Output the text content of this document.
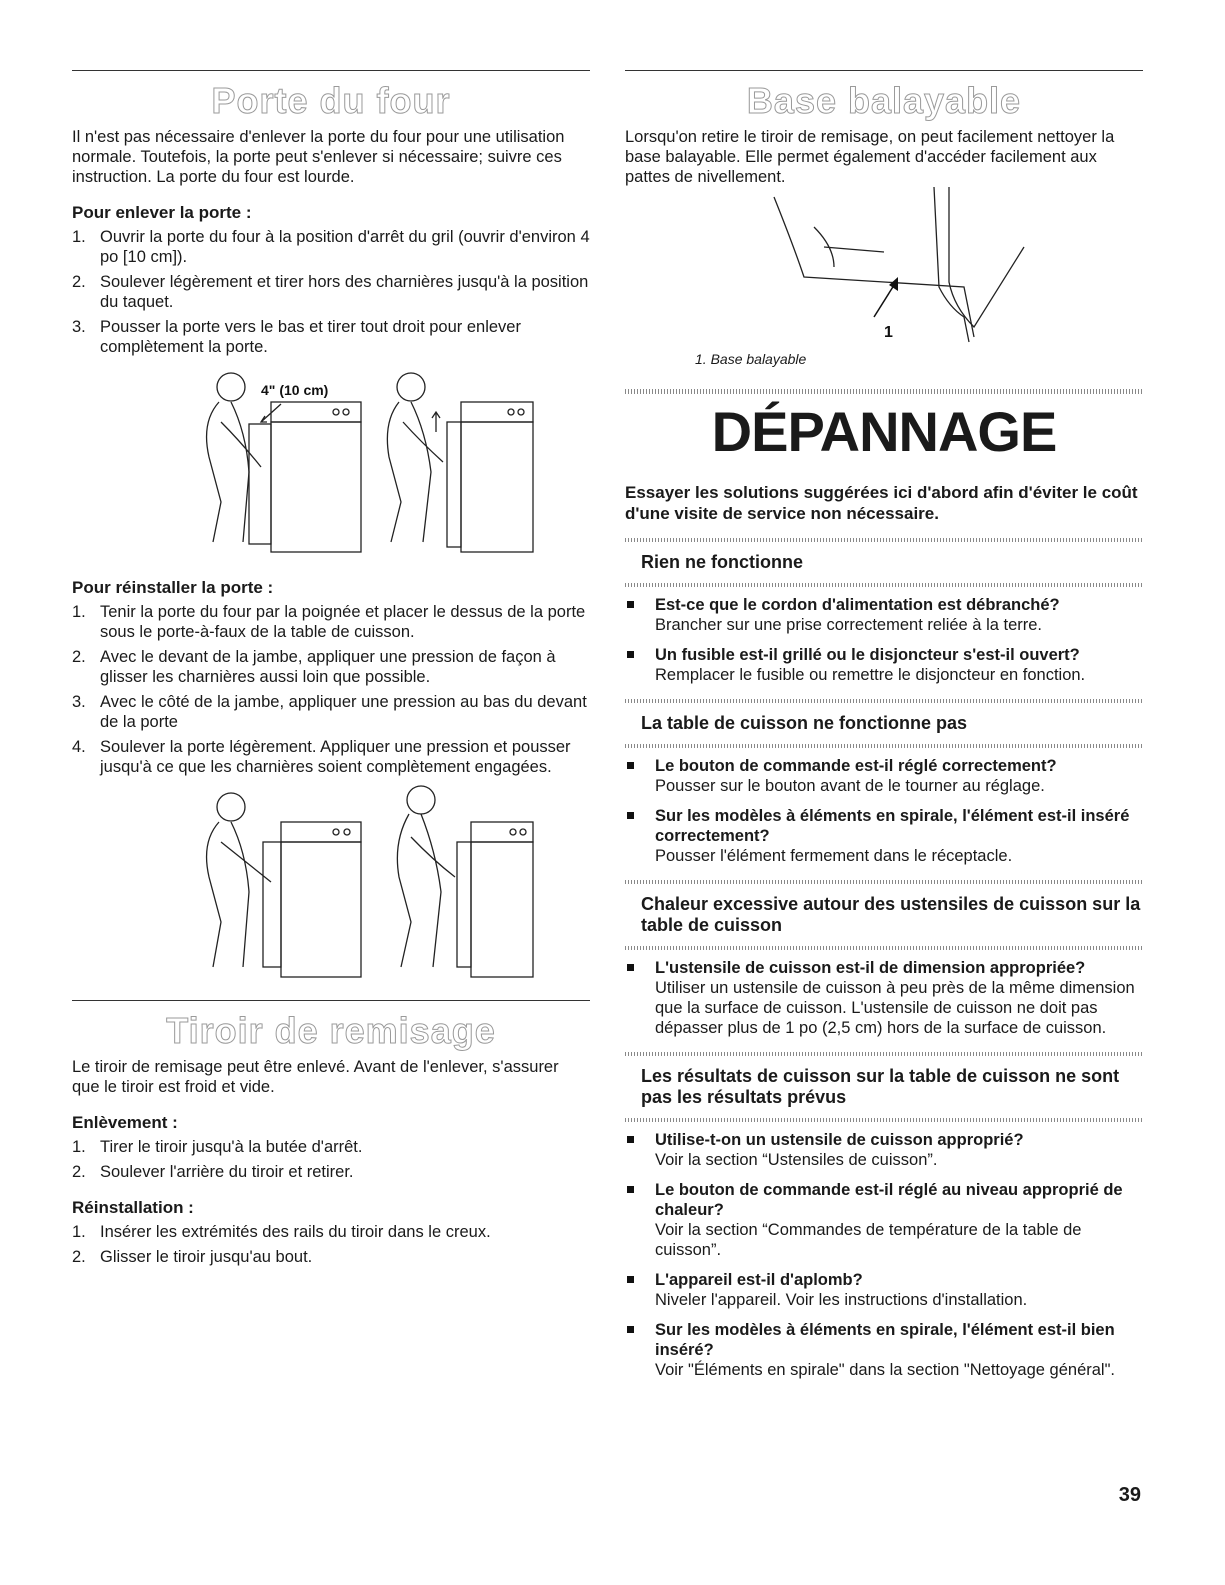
Porte du four

Il n'est pas nécessaire d'enlever la porte du four pour une utilisation normale. Toutefois, la porte peut s'enlever si nécessaire; suivre ces instruction. La porte du four est lourde.

Pour enlever la porte :
1. Ouvrir la porte du four à la position d'arrêt du gril (ouvrir d'environ 4 po [10 cm]).
2. Soulever légèrement et tirer hors des charnières jusqu'à la position du taquet.
3. Pousser la porte vers le bas et tirer tout droit pour enlever complètement la porte.
4" (10 cm)
Pour réinstaller la porte :
1. Tenir la porte du four par la poignée et placer le dessus de la porte sous le porte-à-faux de la table de cuisson.
2. Avec le devant de la jambe, appliquer une pression de façon à glisser les charnières aussi loin que possible.
3. Avec le côté de la jambe, appliquer une pression au bas du devant de la porte
4. Soulever la porte légèrement. Appliquer une pression et pousser jusqu'à ce que les charnières soient complètement engagées.
Tiroir de remisage

Le tiroir de remisage peut être enlevé. Avant de l'enlever, s'assurer que le tiroir est froid et vide.

Enlèvement :
1. Tirer le tiroir jusqu'à la butée d'arrêt.
2. Soulever l'arrière du tiroir et retirer.
Réinstallation :
1. Insérer les extrémités des rails du tiroir dans le creux.
2. Glisser le tiroir jusqu'au bout.
Base balayable

Lorsqu'on retire le tiroir de remisage, on peut facilement nettoyer la base balayable. Elle permet également d'accéder facilement aux pattes de nivellement.

1
1. Base balayable
DÉPANNAGE

Essayer les solutions suggérées ici d'abord afin d'éviter le coût d'une visite de service non nécessaire.

Rien ne fonctionne
Est-ce que le cordon d'alimentation est débranché?
Brancher sur une prise correctement reliée à la terre.
Un fusible est-il grillé ou le disjoncteur s'est-il ouvert?
Remplacer le fusible ou remettre le disjoncteur en fonction.
La table de cuisson ne fonctionne pas
Le bouton de commande est-il réglé correctement?
Pousser sur le bouton avant de le tourner au réglage.
Sur les modèles à éléments en spirale, l'élément est-il inséré correctement?
Pousser l'élément fermement dans le réceptacle.
Chaleur excessive autour des ustensiles de cuisson sur la table de cuisson
L'ustensile de cuisson est-il de dimension appropriée?
Utiliser un ustensile de cuisson à peu près de la même dimension que la surface de cuisson. L'ustensile de cuisson ne doit pas dépasser plus de 1 po (2,5 cm) hors de la surface de cuisson.
Les résultats de cuisson sur la table de cuisson ne sont pas les résultats prévus
Utilise-t-on un ustensile de cuisson approprié?
Voir la section “Ustensiles de cuisson”.
Le bouton de commande est-il réglé au niveau approprié de chaleur?
Voir la section “Commandes de température de la table de cuisson”.
L'appareil est-il d'aplomb?
Niveler l'appareil. Voir les instructions d'installation.
Sur les modèles à éléments en spirale, l'élément est-il bien inséré?
Voir "Éléments en spirale" dans la section "Nettoyage général".
39
